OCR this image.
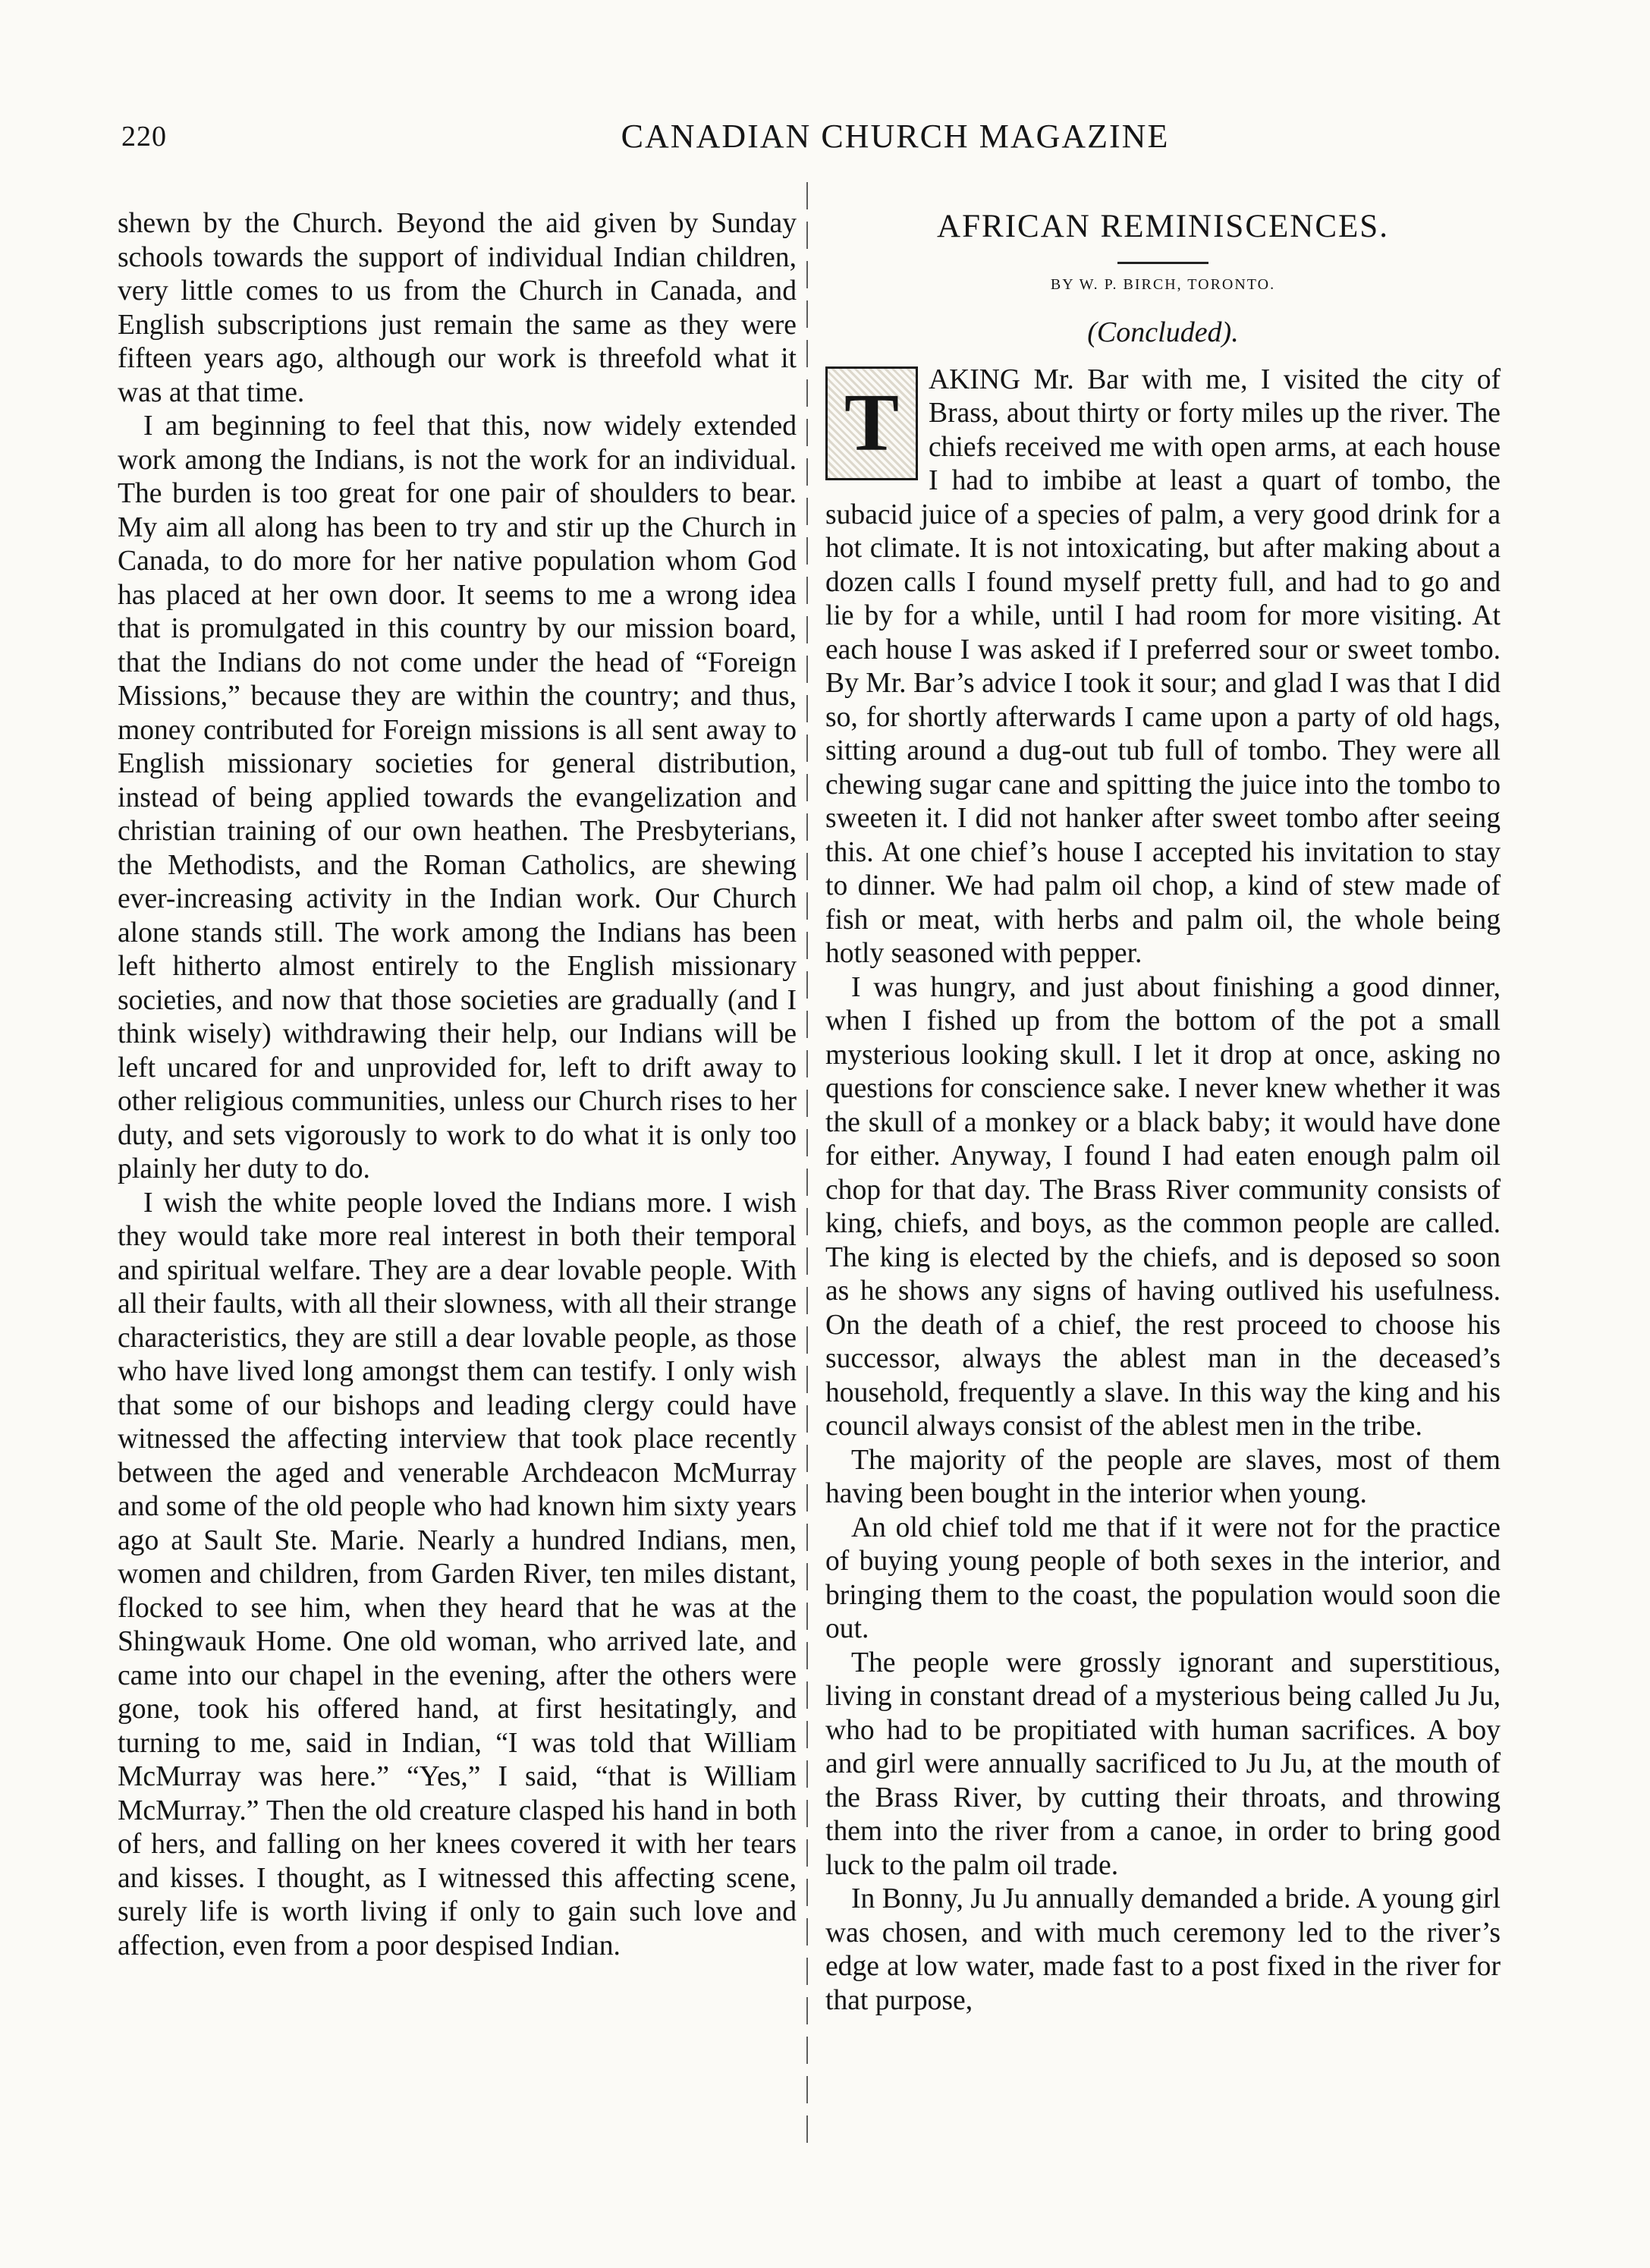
220	CANADIAN CHURCH MAGAZINE

shewn by the Church. Beyond the aid given by Sunday schools towards the support of individual Indian children, very little comes to us from the Church in Canada, and English subscriptions just remain the same as they were fifteen years ago, although our work is threefold what it was at that time.

I am beginning to feel that this, now widely extended work among the Indians, is not the work for an individual. The burden is too great for one pair of shoulders to bear. My aim all along has been to try and stir up the Church in Canada, to do more for her native population whom God has placed at her own door. It seems to me a wrong idea that is promulgated in this country by our mission board, that the Indians do not come under the head of “Foreign Missions,” because they are within the country; and thus, money contributed for Foreign missions is all sent away to English missionary societies for general distribution, instead of being applied towards the evangelization and christian training of our own heathen. The Presbyterians, the Methodists, and the Roman Catholics, are shewing ever-increasing activity in the Indian work. Our Church alone stands still. The work among the Indians has been left hitherto almost entirely to the English missionary societies, and now that those societies are gradually (and I think wisely) withdrawing their help, our Indians will be left uncared for and unprovided for, left to drift away to other religious communities, unless our Church rises to her duty, and sets vigorously to work to do what it is only too plainly her duty to do.

I wish the white people loved the Indians more. I wish they would take more real interest in both their temporal and spiritual welfare. They are a dear lovable people. With all their faults, with all their slowness, with all their strange characteristics, they are still a dear lovable people, as those who have lived long amongst them can testify. I only wish that some of our bishops and leading clergy could have witnessed the affecting interview that took place recently between the aged and venerable Archdeacon McMurray and some of the old people who had known him sixty years ago at Sault Ste. Marie. Nearly a hundred Indians, men, women and children, from Garden River, ten miles distant, flocked to see him, when they heard that he was at the Shingwauk Home. One old woman, who arrived late, and came into our chapel in the evening, after the others were gone, took his offered hand, at first hesitatingly, and turning to me, said in Indian, “I was told that William McMurray was here.” “Yes,” I said, “that is William McMurray.” Then the old creature clasped his hand in both of hers, and falling on her knees covered it with her tears and kisses. I thought, as I witnessed this affecting scene, surely life is worth living if only to gain such love and affection, even from a poor despised Indian.

AFRICAN REMINISCENCES.
BY W. P. BIRCH, TORONTO.
(Concluded).

T	AKING Mr. Bar with me, I visited the city of Brass, about thirty or forty miles up the river. The chiefs received me with open arms, at each house I had to imbibe at least a quart of tombo, the subacid juice of a species of palm, a very good drink for a hot climate. It is not intoxicating, but after making about a dozen calls I found myself pretty full, and had to go and lie by for a while, until I had room for more visiting. At each house I was asked if I preferred sour or sweet tombo. By Mr. Bar’s advice I took it sour; and glad I was that I did so, for shortly afterwards I came upon a party of old hags, sitting around a dug-out tub full of tombo. They were all chewing sugar cane and spitting the juice into the tombo to sweeten it. I did not hanker after sweet tombo after seeing this. At one chief’s house I accepted his invitation to stay to dinner. We had palm oil chop, a kind of stew made of fish or meat, with herbs and palm oil, the whole being hotly seasoned with pepper.

I was hungry, and just about finishing a good dinner, when I fished up from the bottom of the pot a small mysterious looking skull. I let it drop at once, asking no questions for conscience sake. I never knew whether it was the skull of a monkey or a black baby; it would have done for either. Anyway, I found I had eaten enough palm oil chop for that day. The Brass River community consists of king, chiefs, and boys, as the common people are called. The king is elected by the chiefs, and is deposed so soon as he shows any signs of having outlived his usefulness. On the death of a chief, the rest proceed to choose his successor, always the ablest man in the deceased’s household, frequently a slave. In this way the king and his council always consist of the ablest men in the tribe.

The majority of the people are slaves, most of them having been bought in the interior when young.

An old chief told me that if it were not for the practice of buying young people of both sexes in the interior, and bringing them to the coast, the population would soon die out.

The people were grossly ignorant and superstitious, living in constant dread of a mysterious being called Ju Ju, who had to be propitiated with human sacrifices. A boy and girl were annually sacrificed to Ju Ju, at the mouth of the Brass River, by cutting their throats, and throwing them into the river from a canoe, in order to bring good luck to the palm oil trade.

In Bonny, Ju Ju annually demanded a bride. A young girl was chosen, and with much ceremony led to the river’s edge at low water, made fast to a post fixed in the river for that purpose,
